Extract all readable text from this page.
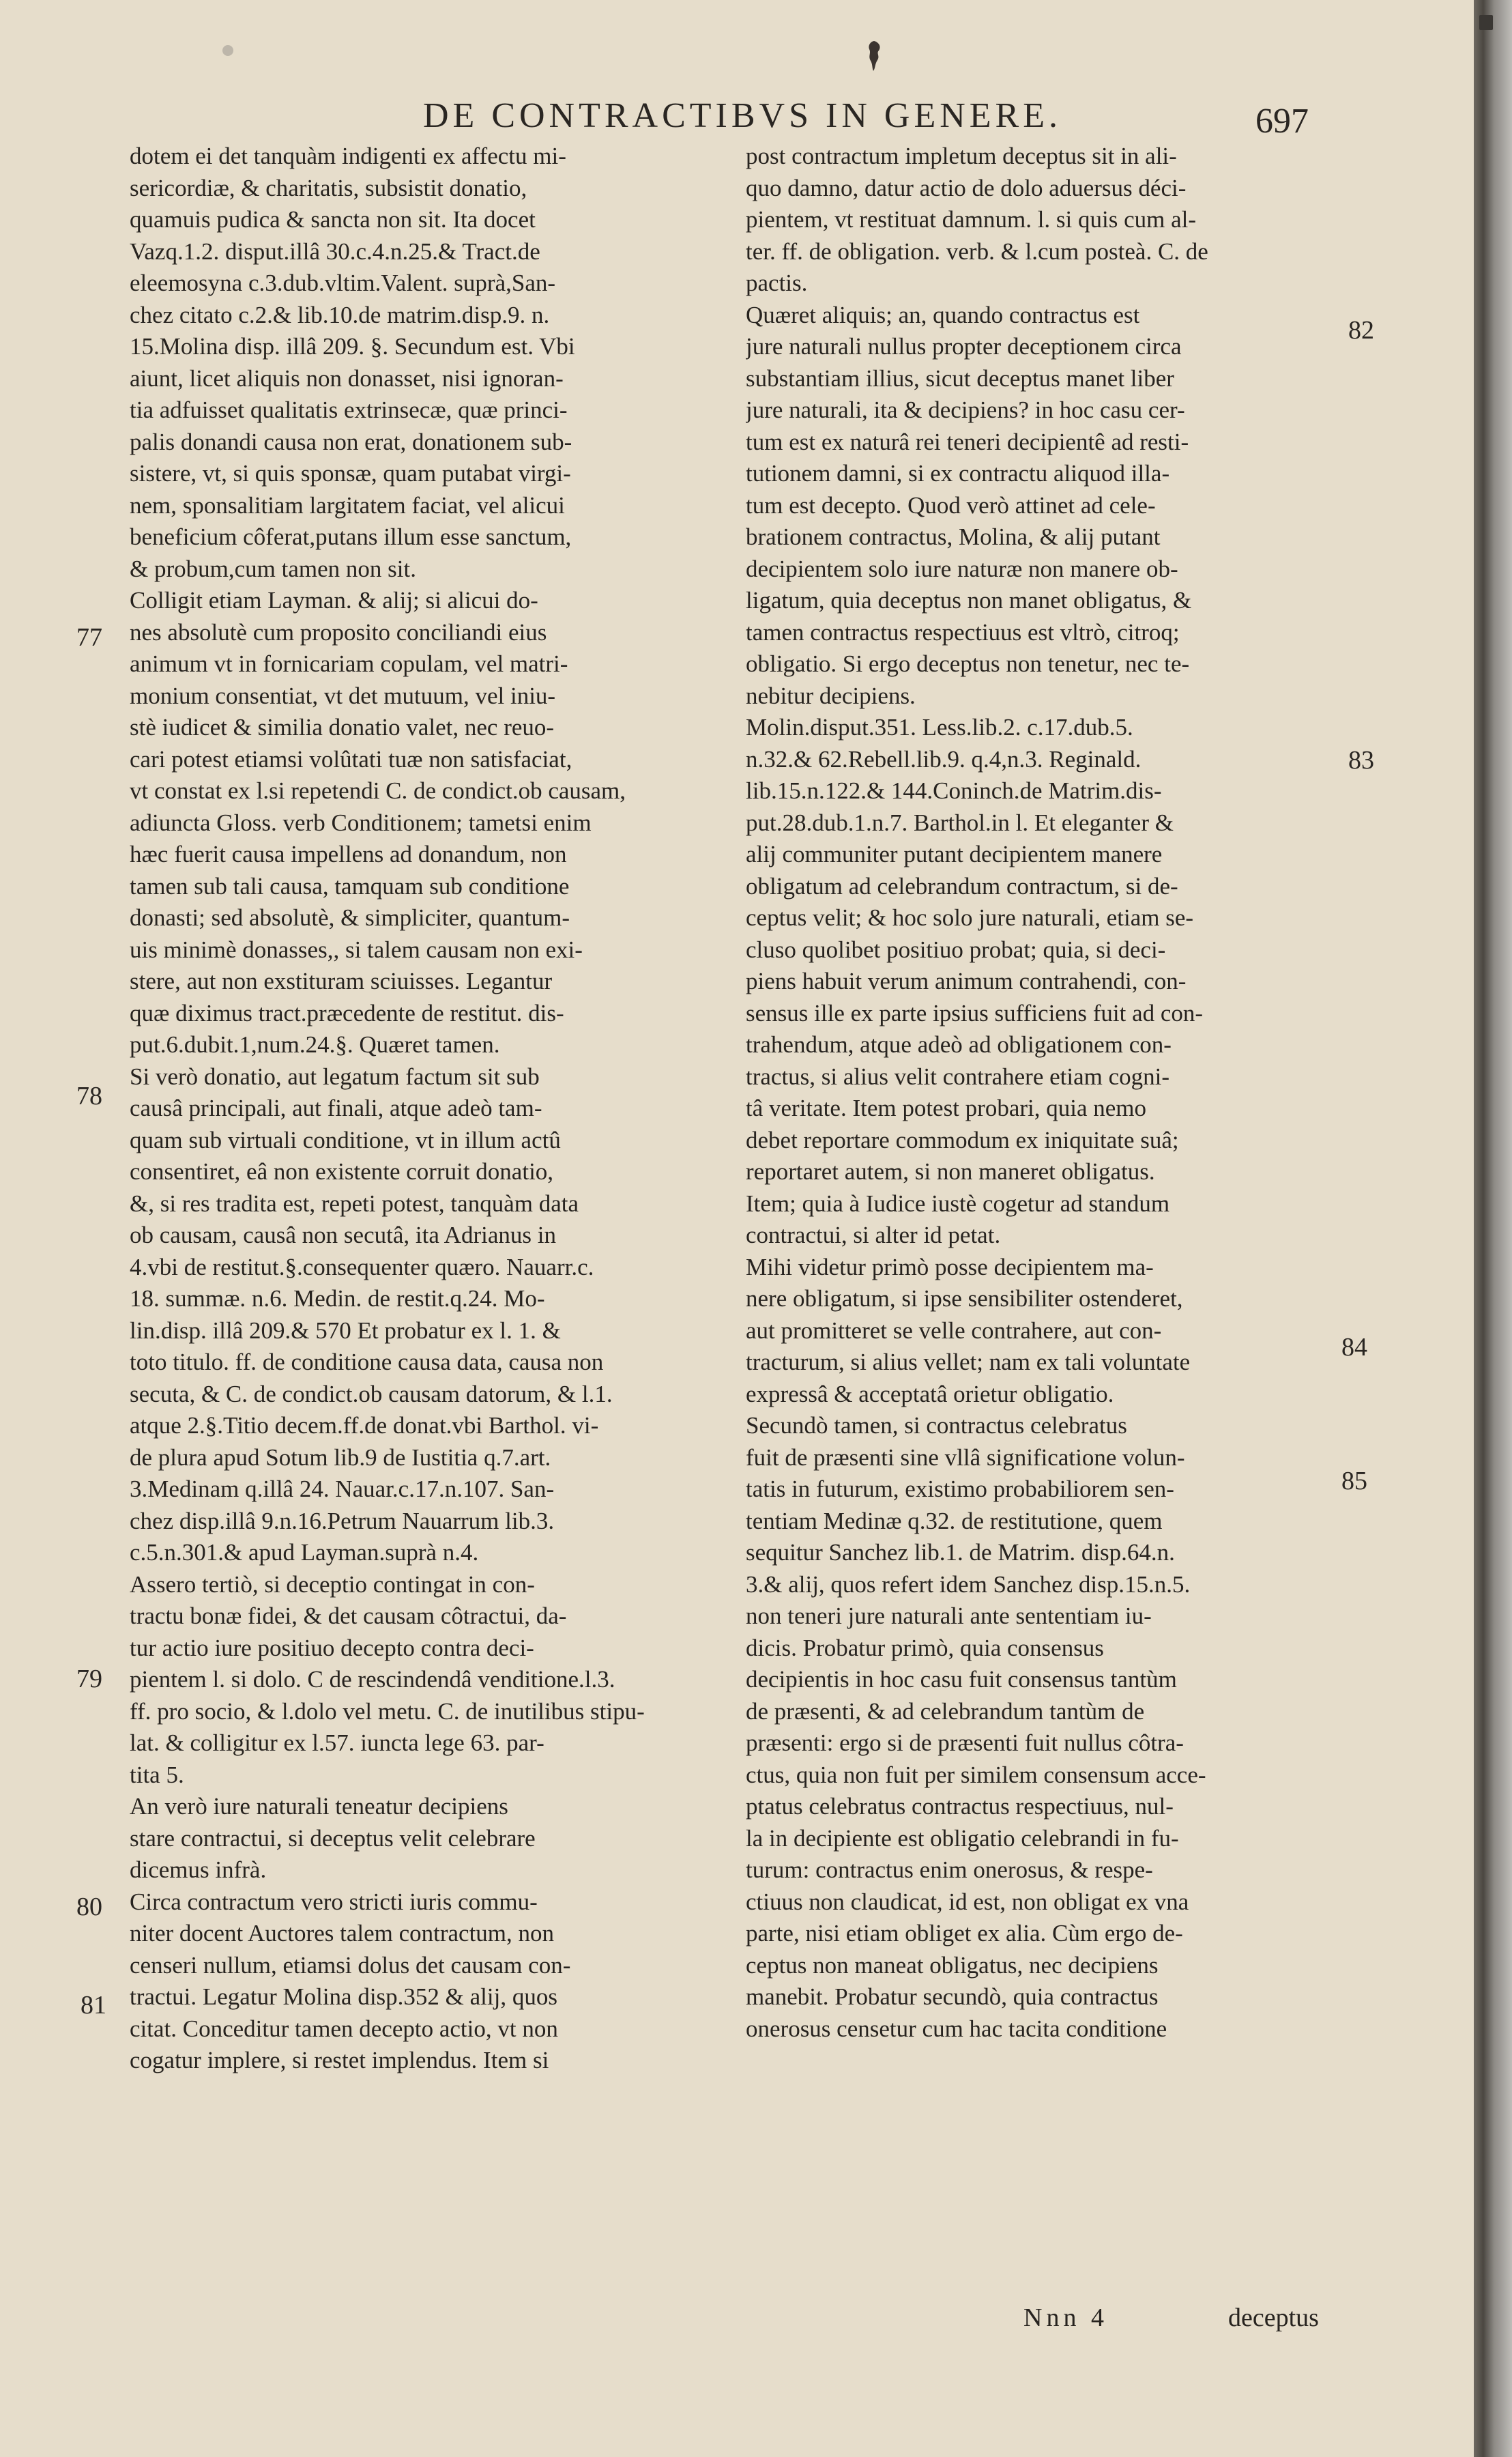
DE CONTRACTIBVS IN GENERE.	697
dotem ei det tanquàm indigenti ex affectu mi-
sericordiæ, & charitatis, subsistit donatio,
quamuis pudica & sancta non sit. Ita docet
Vazq.1.2. disput.illâ 30.c.4.n.25.& Tract.de
eleemosyna c.3.dub.vltim.Valent. suprà,San-
chez citato c.2.& lib.10.de matrim.disp.9. n.
15.Molina disp. illâ 209. §. Secundum est. Vbi
aiunt, licet aliquis non donasset, nisi ignoran-
tia adfuisset qualitatis extrinsecæ, quæ princi-
palis donandi causa non erat, donationem sub-
sistere, vt, si quis sponsæ, quam putabat virgi-
nem, sponsalitiam largitatem faciat, vel alicui
beneficium côferat,putans illum esse sanctum,
& probum,cum tamen non sit.
Colligit etiam Layman. & alij; si alicui do-
nes absolutè cum proposito conciliandi eius
animum vt in fornicariam copulam, vel matri-
monium consentiat, vt det mutuum, vel iniu-
stè iudicet & similia donatio valet, nec reuo-
cari potest etiamsi volûtati tuæ non satisfaciat,
vt constat ex l.si repetendi C. de condict.ob causam,
adiuncta Gloss. verb Conditionem; tametsi enim
hæc fuerit causa impellens ad donandum, non
tamen sub tali causa, tamquam sub conditione
donasti; sed absolutè, & simpliciter, quantum-
uis minimè donasses,, si talem causam non exi-
stere, aut non exstituram sciuisses. Legantur
quæ diximus tract.præcedente de restitut. dis-
put.6.dubit.1,num.24.§. Quæret tamen.
Si verò donatio, aut legatum factum sit sub
causâ principali, aut finali, atque adeò tam-
quam sub virtuali conditione, vt in illum actû
consentiret, eâ non existente corruit donatio,
&, si res tradita est, repeti potest, tanquàm data
ob causam, causâ non secutâ, ita Adrianus in
4.vbi de restitut.§.consequenter quæro. Nauarr.c.
18. summæ. n.6. Medin. de restit.q.24. Mo-
lin.disp. illâ 209.& 570 Et probatur ex l. 1. &
toto titulo. ff. de conditione causa data, causa non
secuta, & C. de condict.ob causam datorum, & l.1.
atque 2.§.Titio decem.ff.de donat.vbi Barthol. vi-
de plura apud Sotum lib.9 de Iustitia q.7.art.
3.Medinam q.illâ 24. Nauar.c.17.n.107. San-
chez disp.illâ 9.n.16.Petrum Nauarrum lib.3.
c.5.n.301.& apud Layman.suprà n.4.
Assero tertiò, si deceptio contingat in con-
tractu bonæ fidei, & det causam côtractui, da-
tur actio iure positiuo decepto contra deci-
pientem l. si dolo. C de rescindendâ venditione.l.3.
ff. pro socio, & l.dolo vel metu. C. de inutilibus stipu-
lat. & colligitur ex l.57. iuncta lege 63. par-
tita 5.
An verò iure naturali teneatur decipiens
stare contractui, si deceptus velit celebrare
dicemus infrà.
Circa contractum vero stricti iuris commu-
niter docent Auctores talem contractum, non
censeri nullum, etiamsi dolus det causam con-
tractui. Legatur Molina disp.352 & alij, quos
citat. Conceditur tamen decepto actio, vt non
cogatur implere, si restet implendus. Item si
77
78
79
80
81
post contractum impletum deceptus sit in ali-
quo damno, datur actio de dolo aduersus déci-
pientem, vt restituat damnum. l. si quis cum al-
ter. ff. de obligation. verb. & l.cum posteà. C. de
pactis.
Quæret aliquis; an, quando contractus est
jure naturali nullus propter deceptionem circa
substantiam illius, sicut deceptus manet liber
jure naturali, ita & decipiens? in hoc casu cer-
tum est ex naturâ rei teneri decipientê ad resti-
tutionem damni, si ex contractu aliquod illa-
tum est decepto. Quod verò attinet ad cele-
brationem contractus, Molina, & alij putant
decipientem solo iure naturæ non manere ob-
ligatum, quia deceptus non manet obligatus, &
tamen contractus respectiuus est vltrò, citroq;
obligatio. Si ergo deceptus non tenetur, nec te-
nebitur decipiens.
Molin.disput.351. Less.lib.2. c.17.dub.5.
n.32.& 62.Rebell.lib.9. q.4,n.3. Reginald.
lib.15.n.122.& 144.Coninch.de Matrim.dis-
put.28.dub.1.n.7. Barthol.in l. Et eleganter &
alij communiter putant decipientem manere
obligatum ad celebrandum contractum, si de-
ceptus velit; & hoc solo jure naturali, etiam se-
cluso quolibet positiuo probat; quia, si deci-
piens habuit verum animum contrahendi, con-
sensus ille ex parte ipsius sufficiens fuit ad con-
trahendum, atque adeò ad obligationem con-
tractus, si alius velit contrahere etiam cogni-
tâ veritate. Item potest probari, quia nemo
debet reportare commodum ex iniquitate suâ;
reportaret autem, si non maneret obligatus.
Item; quia à Iudice iustè cogetur ad standum
contractui, si alter id petat.
Mihi videtur primò posse decipientem ma-
nere obligatum, si ipse sensibiliter ostenderet,
aut promitteret se velle contrahere, aut con-
tracturum, si alius vellet; nam ex tali voluntate
expressâ & acceptatâ orietur obligatio.
Secundò tamen, si contractus celebratus
fuit de præsenti sine vllâ significatione volun-
tatis in futurum, existimo probabiliorem sen-
tentiam Medinæ q.32. de restitutione, quem
sequitur Sanchez lib.1. de Matrim. disp.64.n.
3.& alij, quos refert idem Sanchez disp.15.n.5.
non teneri jure naturali ante sententiam iu-
dicis. Probatur primò, quia consensus
decipientis in hoc casu fuit consensus tantùm
de præsenti, & ad celebrandum tantùm de
præsenti: ergo si de præsenti fuit nullus côtra-
ctus, quia non fuit per similem consensum acce-
ptatus celebratus contractus respectiuus, nul-
la in decipiente est obligatio celebrandi in fu-
turum: contractus enim onerosus, & respe-
ctiuus non claudicat, id est, non obligat ex vna
parte, nisi etiam obliget ex alia. Cùm ergo de-
ceptus non maneat obligatus, nec decipiens
manebit. Probatur secundò, quia contractus
onerosus censetur cum hac tacita conditione
82
83
84
85
Nnn 4	deceptus
